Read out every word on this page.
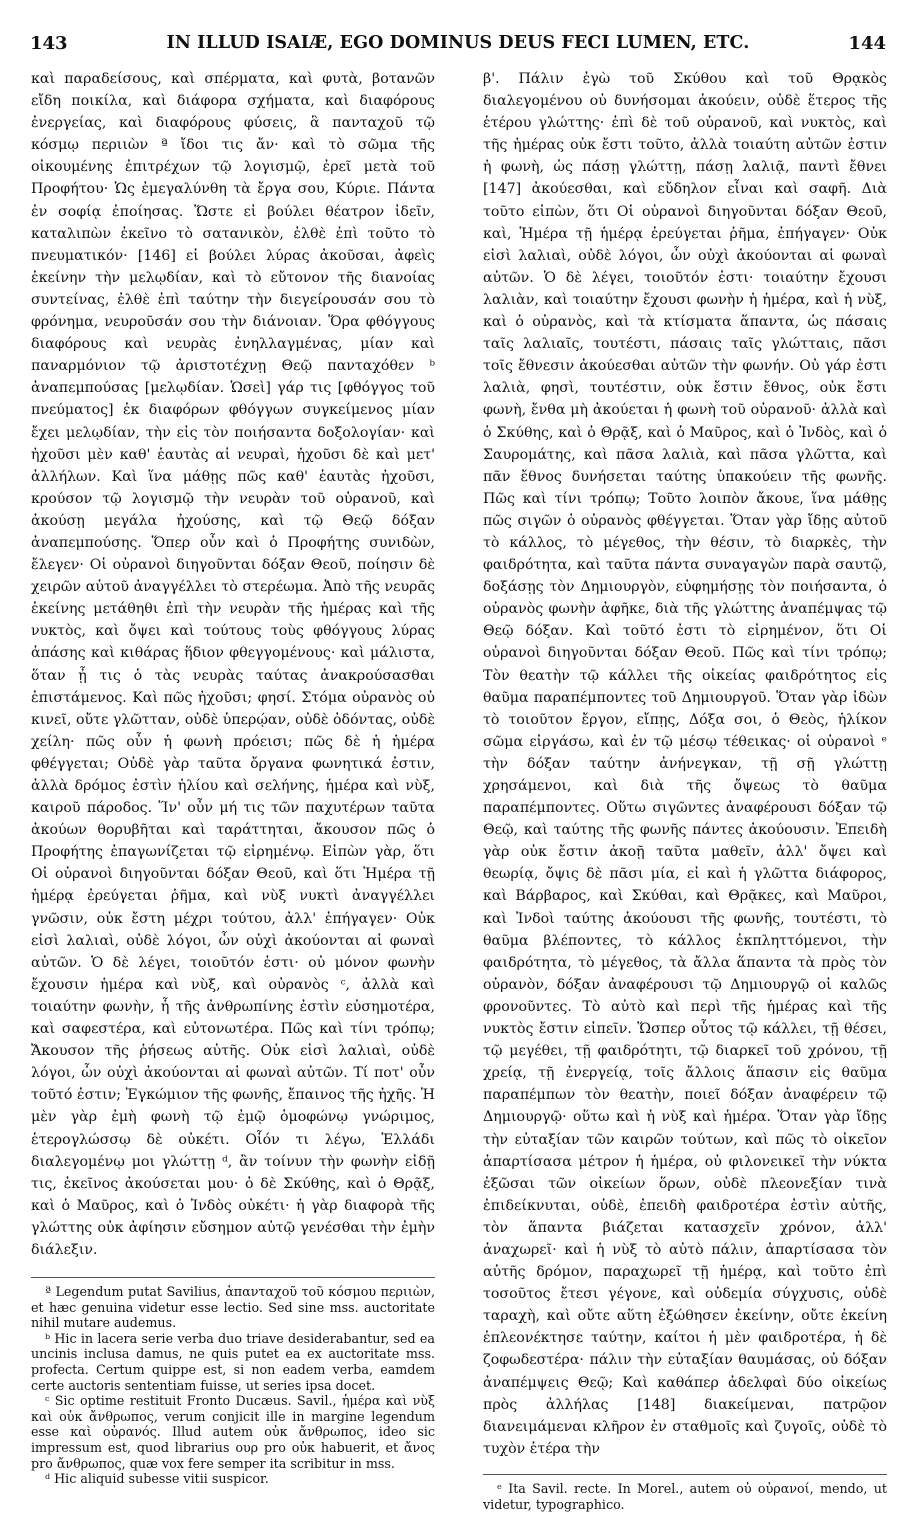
143	IN ILLUD ISAIÆ, EGO DOMINUS DEUS FECI LUMEN, ETC.	144

καὶ παραδείσους, καὶ σπέρματα, καὶ φυτὰ, βοτανῶν εἴδη ποικίλα, καὶ διάφορα σχήματα, καὶ διαφόρους ἐνεργείας, καὶ διαφόρους φύσεις, ἃ πανταχοῦ τῷ κόσμῳ περιιὼν ª ἴδοι τις ἄν· καὶ τὸ σῶμα τῆς οἰκουμένης ἐπιτρέχων τῷ λογισμῷ, ἐρεῖ μετὰ τοῦ Προφήτου· Ὡς ἐμεγαλύνθη τὰ ἔργα σου, Κύριε. Πάντα ἐν σοφίᾳ ἐποίησας. Ὥστε εἰ βούλει θέατρον ἰδεῖν, καταλιπὼν ἐκεῖνο τὸ σατανικὸν, ἐλθὲ ἐπὶ τοῦτο τὸ πνευματικόν· [146] εἰ βούλει λύρας ἀκοῦσαι, ἀφεὶς ἐκείνην τὴν μελῳδίαν, καὶ τὸ εὔτονον τῆς διανοίας συντείνας, ἐλθὲ ἐπὶ ταύτην τὴν διεγείρουσάν σου τὸ φρόνημα, νευροῦσάν σου τὴν διάνοιαν. Ὅρα φθόγγους διαφόρους καὶ νευρὰς ἐνηλλαγμένας, μίαν καὶ παναρμόνιον τῷ ἀριστοτέχνῃ Θεῷ πανταχόθεν ᵇ ἀναπεμπούσας [μελῳδίαν. Ὡσεὶ] γάρ τις [φθόγγος τοῦ πνεύματος] ἐκ διαφόρων φθόγγων συγκείμενος μίαν ἔχει μελῳδίαν, τὴν εἰς τὸν ποιήσαντα δοξολογίαν· καὶ ἠχοῦσι μὲν καθ' ἑαυτὰς αἱ νευραὶ, ἠχοῦσι δὲ καὶ μετ' ἀλλήλων. Καὶ ἵνα μάθῃς πῶς καθ' ἑαυτὰς ἠχοῦσι, κρούσον τῷ λογισμῷ τὴν νευρὰν τοῦ οὐρανοῦ, καὶ ἀκούσῃ μεγάλα ἠχούσης, καὶ τῷ Θεῷ δόξαν ἀναπεμπούσης. Ὅπερ οὖν καὶ ὁ Προφήτης συνιδὼν, ἔλεγεν· Οἱ οὐρανοὶ διηγοῦνται δόξαν Θεοῦ, ποίησιν δὲ χειρῶν αὐτοῦ ἀναγγέλλει τὸ στερέωμα. Ἀπὸ τῆς νευρᾶς ἐκείνης μετάθηθι ἐπὶ τὴν νευρὰν τῆς ἡμέρας καὶ τῆς νυκτὸς, καὶ ὄψει καὶ τούτους τοὺς φθόγγους λύρας ἁπάσης καὶ κιθάρας ἥδιον φθεγγομένους· καὶ μάλιστα, ὅταν ᾖ τις ὁ τὰς νευρὰς ταύτας ἀνακρούσασθαι ἐπιστάμενος. Καὶ πῶς ἠχοῦσι; φησί. Στόμα οὐρανὸς οὐ κινεῖ, οὔτε γλῶτταν, οὐδὲ ὑπερῴαν, οὐδὲ ὀδόντας, οὐδὲ χείλη· πῶς οὖν ἡ φωνὴ πρόεισι; πῶς δὲ ἡ ἡμέρα φθέγγεται; Οὐδὲ γὰρ ταῦτα ὄργανα φωνητικά ἐστιν, ἀλλὰ δρόμος ἐστὶν ἡλίου καὶ σελήνης, ἡμέρα καὶ νὺξ, καιροῦ πάροδος. Ἵν' οὖν μή τις τῶν παχυτέρων ταῦτα ἀκούων θορυβῆται καὶ ταράττηται, ἄκουσον πῶς ὁ Προφήτης ἐπαγωνίζεται τῷ εἰρημένῳ. Εἰπὼν γὰρ, ὅτι Οἱ οὐρανοὶ διηγοῦνται δόξαν Θεοῦ, καὶ ὅτι Ἡμέρα τῇ ἡμέρᾳ ἐρεύγεται ῥῆμα, καὶ νὺξ νυκτὶ ἀναγγέλλει γνῶσιν, οὐκ ἔστη μέχρι τούτου, ἀλλ' ἐπήγαγεν· Οὐκ εἰσὶ λαλιαὶ, οὐδὲ λόγοι, ὧν οὐχὶ ἀκούονται αἱ φωναὶ αὐτῶν. Ὁ δὲ λέγει, τοιοῦτόν ἐστι· οὐ μόνον φωνὴν ἔχουσιν ἡμέρα καὶ νὺξ, καὶ οὐρανὸς ᶜ, ἀλλὰ καὶ τοιαύτην φωνὴν, ἧ τῆς ἀνθρωπίνης ἐστὶν εὐσημοτέρα, καὶ σαφεστέρα, καὶ εὐτονωτέρα. Πῶς καὶ τίνι τρόπῳ; Ἄκουσον τῆς ῥήσεως αὐτῆς. Οὐκ εἰσὶ λαλιαὶ, οὐδὲ λόγοι, ὧν οὐχὶ ἀκούονται αἱ φωναὶ αὐτῶν. Τί ποτ' οὖν τοῦτό ἐστιν; Ἐγκώμιον τῆς φωνῆς, ἔπαινος τῆς ἠχῆς. Ἡ μὲν γὰρ ἐμὴ φωνὴ τῷ ἐμῷ ὁμοφώνῳ γνώριμος, ἑτερογλώσσῳ δὲ οὐκέτι. Οἷόν τι λέγω, Ἑλλάδι διαλεγομένῳ μοι γλώττῃ ᵈ, ἂν τοίνυν τὴν φωνὴν εἰδῇ τις, ἐκεῖνος ἀκούσεται μου· ὁ δὲ Σκύθης, καὶ ὁ Θρᾷξ, καὶ ὁ Μαῦρος, καὶ ὁ Ἰνδὸς οὐκέτι· ἡ γὰρ διαφορὰ τῆς γλώττης οὐκ ἀφίησιν εὔσημον αὐτῷ γενέσθαι τὴν ἐμὴν διάλεξιν.

ª Legendum putat Savilius, ἁπανταχοῦ τοῦ κόσμου περιιὼν, et hæc genuina videtur esse lectio. Sed sine mss. auctoritate nihil mutare audemus.

ᵇ Hic in lacera serie verba duo triave desiderabantur, sed ea uncinis inclusa damus, ne quis putet ea ex auctoritate mss. profecta. Certum quippe est, si non eadem verba, eamdem certe auctoris sententiam fuisse, ut series ipsa docet.

ᶜ Sic optime restituit Fronto Ducæus. Savil., ἡμέρα καὶ νὺξ καὶ οὐκ ἄνθρωπος, verum conjicit ille in margine legendum esse καὶ οὐρανός. Illud autem οὐκ ἄνθρωπος, ideo sic impressum est, quod librarius ουρ pro οὐκ habuerit, et ἄνος pro ἄνθρωπος, quæ vox fere semper ita scribitur in mss.

ᵈ Hic aliquid subesse vitii suspicor.

β'. Πάλιν ἐγὼ τοῦ Σκύθου καὶ τοῦ Θρᾳκὸς διαλεγομένου οὐ δυνήσομαι ἀκούειν, οὐδὲ ἕτερος τῆς ἑτέρου γλώττης· ἐπὶ δὲ τοῦ οὐρανοῦ, καὶ νυκτὸς, καὶ τῆς ἡμέρας οὐκ ἔστι τοῦτο, ἀλλὰ τοιαύτη αὐτῶν ἐστιν ἡ φωνὴ, ὡς πάσῃ γλώττῃ, πάσῃ λαλιᾷ, παντὶ ἔθνει [147] ἀκούεσθαι, καὶ εὔδηλον εἶναι καὶ σαφῆ. Διὰ τοῦτο εἰπὼν, ὅτι Οἱ οὐρανοὶ διηγοῦνται δόξαν Θεοῦ, καὶ, Ἡμέρα τῇ ἡμέρᾳ ἐρεύγεται ῥῆμα, ἐπήγαγεν· Οὐκ εἰσὶ λαλιαὶ, οὐδὲ λόγοι, ὧν οὐχὶ ἀκούονται αἱ φωναὶ αὐτῶν. Ὁ δὲ λέγει, τοιοῦτόν ἐστι· τοιαύτην ἔχουσι λαλιὰν, καὶ τοιαύτην ἔχουσι φωνὴν ἡ ἡμέρα, καὶ ἡ νὺξ, καὶ ὁ οὐρανὸς, καὶ τὰ κτίσματα ἅπαντα, ὡς πάσαις ταῖς λαλιαῖς, τουτέστι, πάσαις ταῖς γλώτταις, πᾶσι τοῖς ἔθνεσιν ἀκούεσθαι αὐτῶν τὴν φωνήν. Οὐ γάρ ἐστι λαλιὰ, φησὶ, τουτέστιν, οὐκ ἔστιν ἔθνος, οὐκ ἔστι φωνὴ, ἔνθα μὴ ἀκούεται ἡ φωνὴ τοῦ οὐρανοῦ· ἀλλὰ καὶ ὁ Σκύθης, καὶ ὁ Θρᾷξ, καὶ ὁ Μαῦρος, καὶ ὁ Ἰνδὸς, καὶ ὁ Σαυρομάτης, καὶ πᾶσα λαλιὰ, καὶ πᾶσα γλῶττα, καὶ πᾶν ἔθνος δυνήσεται ταύτης ὑπακούειν τῆς φωνῆς. Πῶς καὶ τίνι τρόπῳ; Τοῦτο λοιπὸν ἄκουε, ἵνα μάθῃς πῶς σιγῶν ὁ οὐρανὸς φθέγγεται. Ὅταν γὰρ ἴδῃς αὐτοῦ τὸ κάλλος, τὸ μέγεθος, τὴν θέσιν, τὸ διαρκὲς, τὴν φαιδρότητα, καὶ ταῦτα πάντα συναγαγὼν παρὰ σαυτῷ, δοξάσῃς τὸν Δημιουργὸν, εὐφημήσῃς τὸν ποιήσαντα, ὁ οὐρανὸς φωνὴν ἀφῆκε, διὰ τῆς γλώττης ἀναπέμψας τῷ Θεῷ δόξαν. Καὶ τοῦτό ἐστι τὸ εἰρημένον, ὅτι Οἱ οὐρανοὶ διηγοῦνται δόξαν Θεοῦ. Πῶς καὶ τίνι τρόπῳ; Τὸν θεατὴν τῷ κάλλει τῆς οἰκείας φαιδρότητος εἰς θαῦμα παραπέμποντες τοῦ Δημιουργοῦ. Ὅταν γὰρ ἰδὼν τὸ τοιοῦτον ἔργον, εἴπῃς, Δόξα σοι, ὁ Θεὸς, ἡλίκον σῶμα εἰργάσω, καὶ ἐν τῷ μέσῳ τέθεικας· οἱ οὐρανοὶ ᵉ τὴν δόξαν ταύτην ἀνήνεγκαν, τῇ σῇ γλώττῃ χρησάμενοι, καὶ διὰ τῆς ὄψεως τὸ θαῦμα παραπέμποντες. Οὕτω σιγῶντες ἀναφέρουσι δόξαν τῷ Θεῷ, καὶ ταύτης τῆς φωνῆς πάντες ἀκούουσιν. Ἐπειδὴ γὰρ οὐκ ἔστιν ἀκοῇ ταῦτα μαθεῖν, ἀλλ' ὄψει καὶ θεωρίᾳ, ὄψις δὲ πᾶσι μία, εἰ καὶ ἡ γλῶττα διάφορος, καὶ Βάρβαρος, καὶ Σκύθαι, καὶ Θρᾷκες, καὶ Μαῦροι, καὶ Ἰνδοὶ ταύτης ἀκούουσι τῆς φωνῆς, τουτέστι, τὸ θαῦμα βλέποντες, τὸ κάλλος ἐκπληττόμενοι, τὴν φαιδρότητα, τὸ μέγεθος, τὰ ἄλλα ἅπαντα τὰ πρὸς τὸν οὐρανὸν, δόξαν ἀναφέρουσι τῷ Δημιουργῷ οἱ καλῶς φρονοῦντες. Τὸ αὐτὸ καὶ περὶ τῆς ἡμέρας καὶ τῆς νυκτὸς ἔστιν εἰπεῖν. Ὥσπερ οὗτος τῷ κάλλει, τῇ θέσει, τῷ μεγέθει, τῇ φαιδρότητι, τῷ διαρκεῖ τοῦ χρόνου, τῇ χρείᾳ, τῇ ἐνεργείᾳ, τοῖς ἄλλοις ἅπασιν εἰς θαῦμα παραπέμπων τὸν θεατὴν, ποιεῖ δόξαν ἀναφέρειν τῷ Δημιουργῷ· οὕτω καὶ ἡ νὺξ καὶ ἡμέρα. Ὅταν γὰρ ἴδῃς τὴν εὐταξίαν τῶν καιρῶν τούτων, καὶ πῶς τὸ οἰκεῖον ἀπαρτίσασα μέτρον ἡ ἡμέρα, οὐ φιλονεικεῖ τὴν νύκτα ἐξῶσαι τῶν οἰκείων ὅρων, οὐδὲ πλεονεξίαν τινὰ ἐπιδείκνυται, οὐδὲ, ἐπειδὴ φαιδροτέρα ἐστὶν αὐτῆς, τὸν ἅπαντα βιάζεται κατασχεῖν χρόνον, ἀλλ' ἀναχωρεῖ· καὶ ἡ νὺξ τὸ αὐτὸ πάλιν, ἀπαρτίσασα τὸν αὐτῆς δρόμον, παραχωρεῖ τῇ ἡμέρᾳ, καὶ τοῦτο ἐπὶ τοσοῦτος ἔτεσι γέγονε, καὶ οὐδεμία σύγχυσις, οὐδὲ ταραχὴ, καὶ οὔτε αὕτη ἐξώθησεν ἐκείνην, οὔτε ἐκείνη ἐπλεονέκτησε ταύτην, καίτοι ἡ μὲν φαιδροτέρα, ἡ δὲ ζοφωδεστέρα· πάλιν τὴν εὐταξίαν θαυμάσας, οὐ δόξαν ἀναπέμψεις Θεῷ; Καὶ καθάπερ ἀδελφαὶ δύο οἰκείως πρὸς ἀλλήλας [148] διακείμεναι, πατρῷον διανειμάμεναι κλῆρον ἐν σταθμοῖς καὶ ζυγοῖς, οὐδὲ τὸ τυχὸν ἑτέρα τὴν

ᵉ Ita Savil. recte. In Morel., autem οὐ οὐρανοί, mendo, ut videtur, typographico.
